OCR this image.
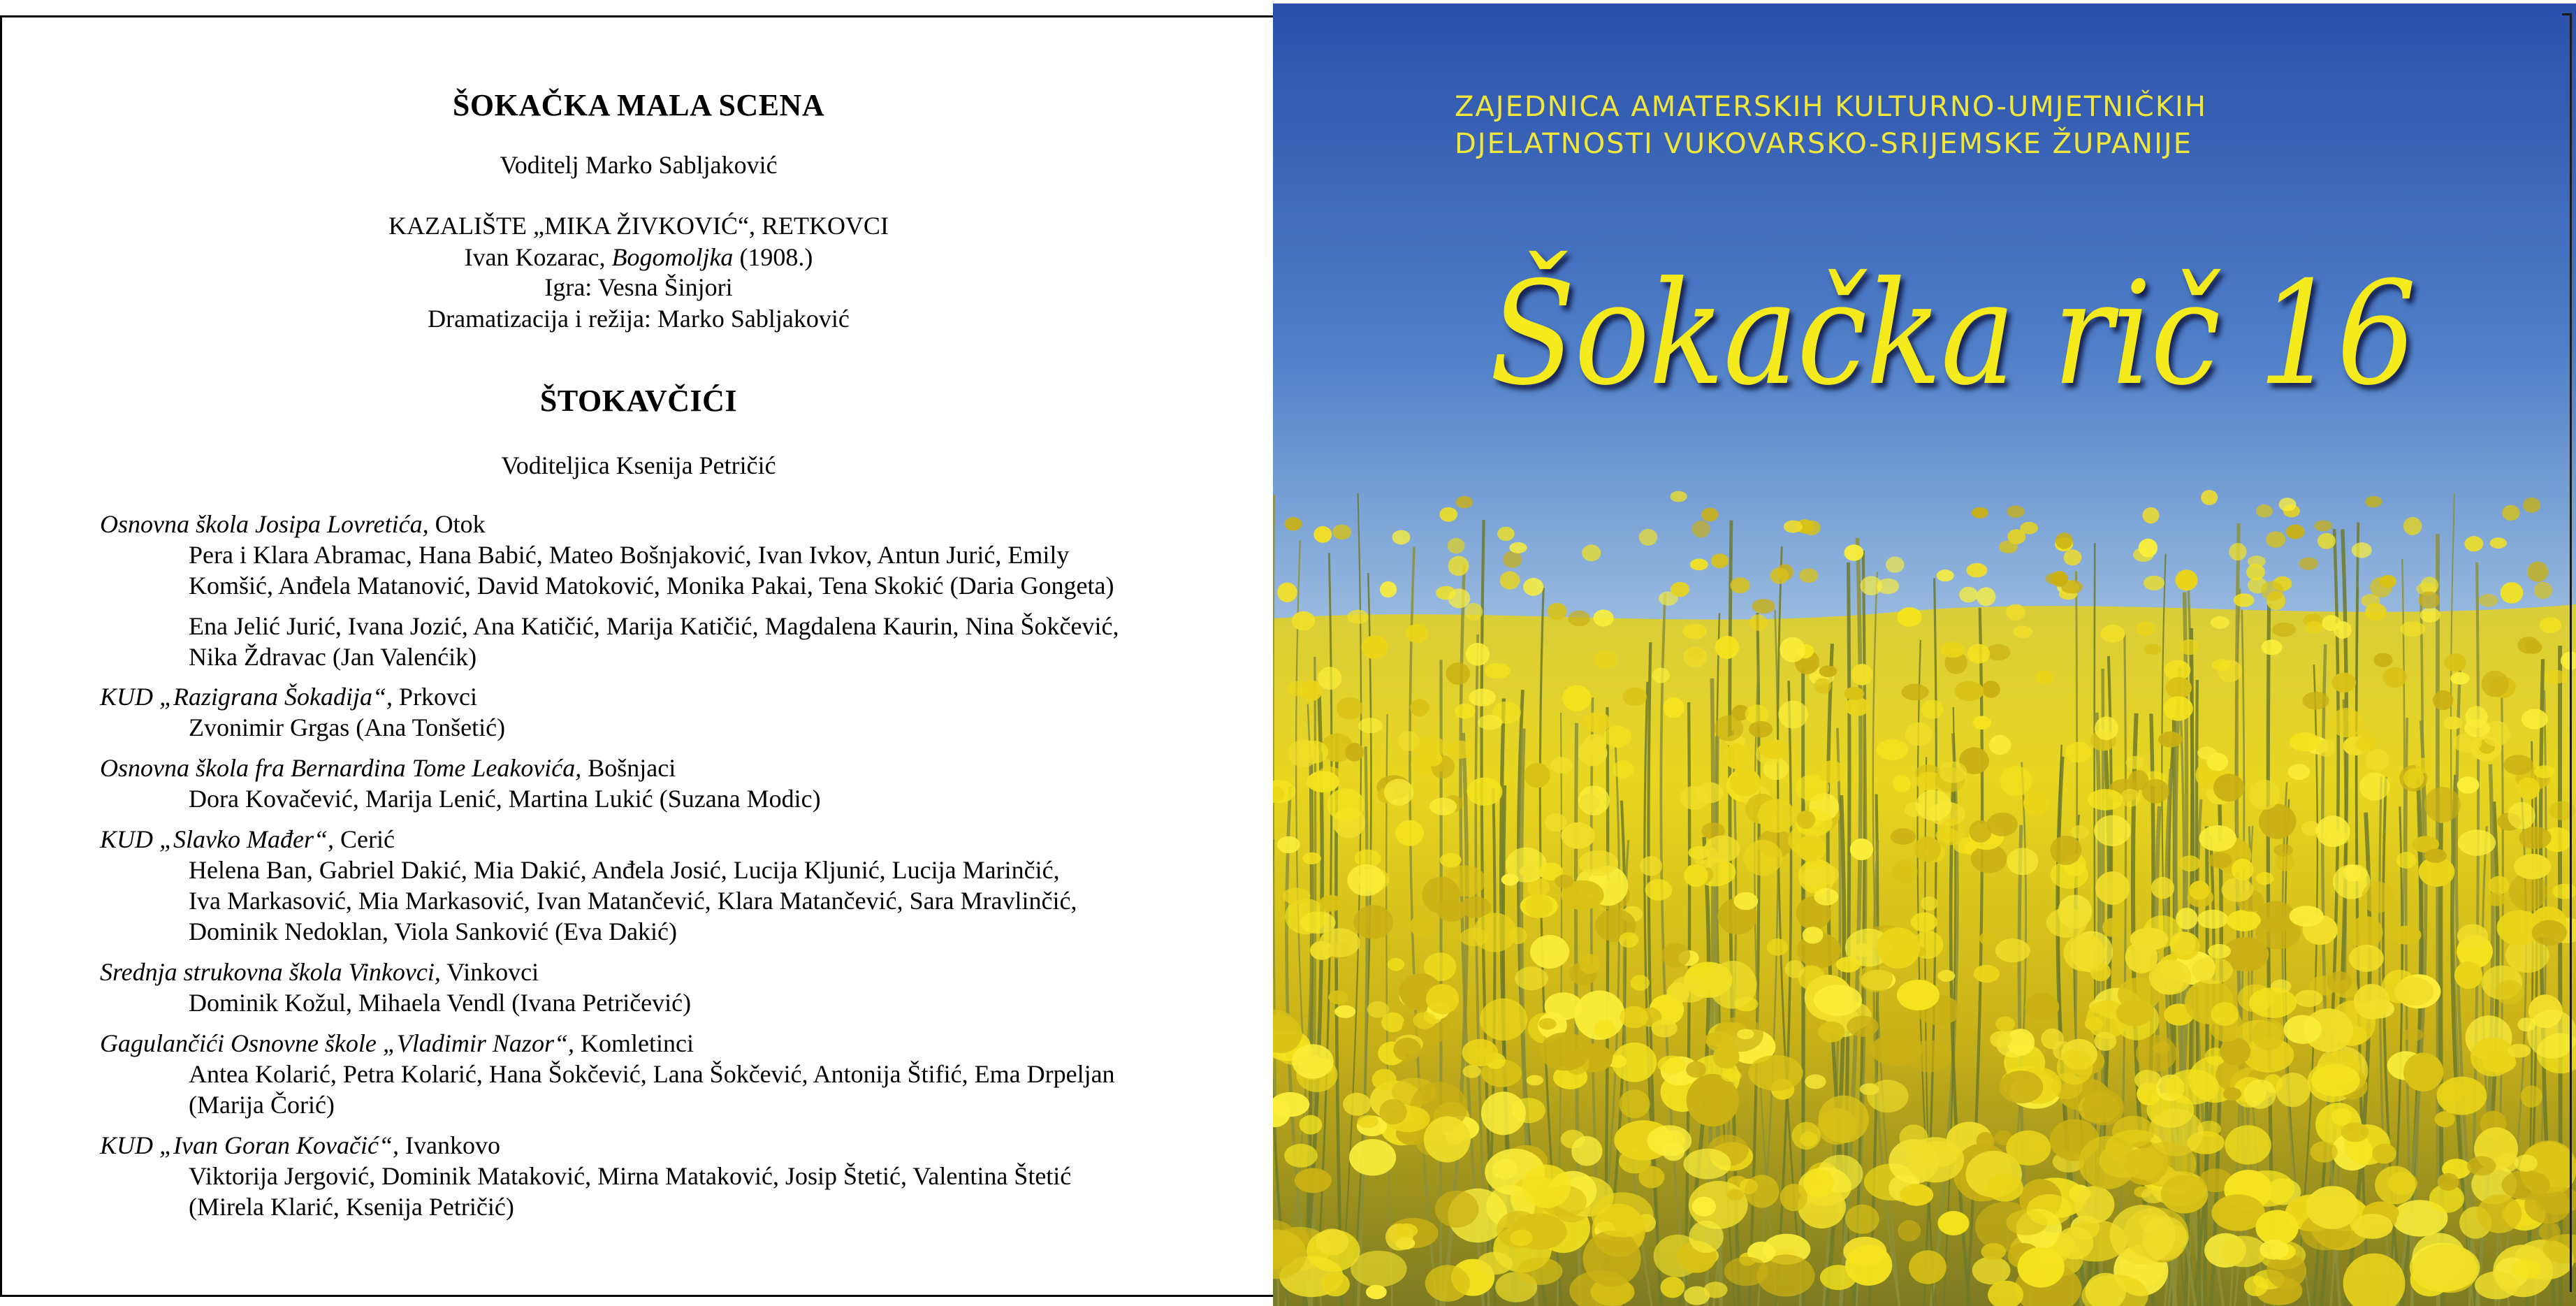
ŠOKAČKA MALA SCENA
Voditelj Marko Sabljaković
KAZALIŠTE „MIKA ŽIVKOVIĆ“, RETKOVCI
Ivan Kozarac, Bogomoljka (1908.)
Igra: Vesna Šinjori
Dramatizacija i režija: Marko Sabljaković
ŠTOKAVČIĆI
Voditeljica Ksenija Petričić
Osnovna škola Josipa Lovretića, Otok
Pera i Klara Abramac, Hana Babić, Mateo Bošnjaković, Ivan Ivkov, Antun Jurić, Emily
Komšić, Anđela Matanović, David Matoković, Monika Pakai, Tena Skokić (Daria Gongeta)
Ena Jelić Jurić, Ivana Jozić, Ana Katičić, Marija Katičić, Magdalena Kaurin, Nina Šokčević,
Nika Ždravac (Jan Valenćik)
KUD „Razigrana Šokadija“, Prkovci
Zvonimir Grgas (Ana Tonšetić)
Osnovna škola fra Bernardina Tome Leakovića, Bošnjaci
Dora Kovačević, Marija Lenić, Martina Lukić (Suzana Modic)
KUD „Slavko Mađer“, Cerić
Helena Ban, Gabriel Dakić, Mia Dakić, Anđela Josić, Lucija Kljunić, Lucija Marinčić,
Iva Markasović, Mia Markasović, Ivan Matančević, Klara Matančević, Sara Mravlinčić,
Dominik Nedoklan, Viola Sanković (Eva Dakić)
Srednja strukovna škola Vinkovci, Vinkovci
Dominik Kožul, Mihaela Vendl (Ivana Petričević)
Gagulančići Osnovne škole „Vladimir Nazor“, Komletinci
Antea Kolarić, Petra Kolarić, Hana Šokčević, Lana Šokčević, Antonija Štifić, Ema Drpeljan
(Marija Čorić)
KUD „Ivan Goran Kovačić“, Ivankovo
Viktorija Jergović, Dominik Mataković, Mirna Mataković, Josip Štetić, Valentina Štetić
(Mirela Klarić, Ksenija Petričić)
ZAJEDNICA AMATERSKIH KULTURNO-UMJETNIČKIH
DJELATNOSTI VUKOVARSKO-SRIJEMSKE ŽUPANIJE
Šokačka rič 16
